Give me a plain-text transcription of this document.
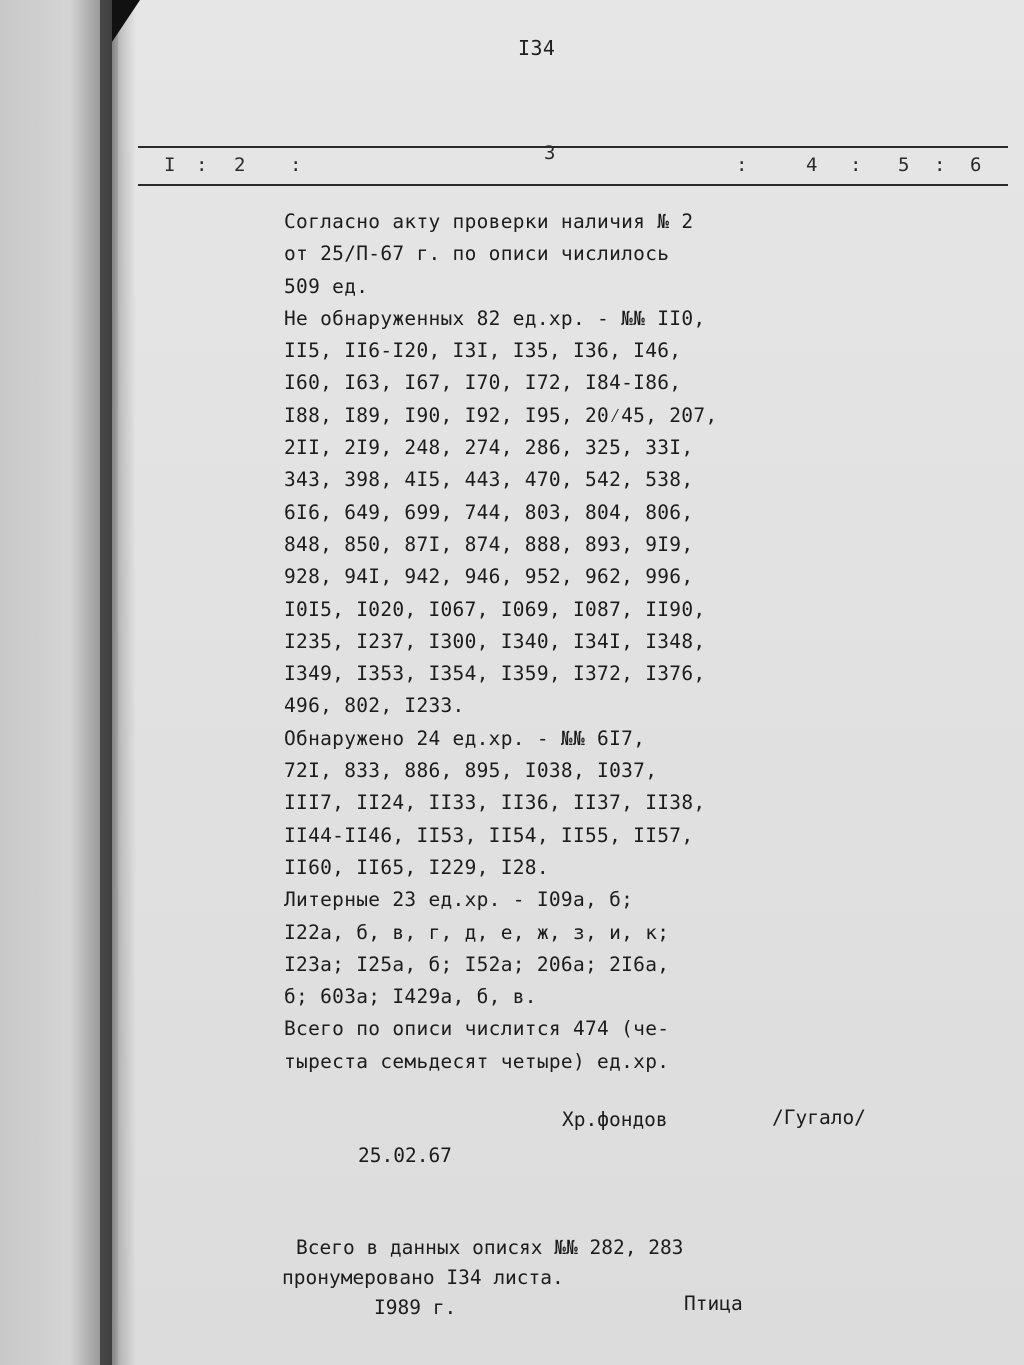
I34
I : 2 :
3
:	4 : 5 : 6
Согласно акту проверки наличия № 2
от 25/П-67 г. по описи числилось
509 ед.
Не обнаруженных 82 ед.хр. - №№ II0,
II5, II6-I20, I3I, I35, I36, I46,
I60, I63, I67, I70, I72, I84-I86,
I88, I89, I90, I92, I95, 20⁄45, 207,
2II, 2I9, 248, 274, 286, 325, 33I,
343, 398, 4I5, 443, 470, 542, 538,
6I6, 649, 699, 744, 803, 804, 806,
848, 850, 87I, 874, 888, 893, 9I9,
928, 94I, 942, 946, 952, 962, 996,
I0I5, I020, I067, I069, I087, II90,
I235, I237, I300, I340, I34I, I348,
I349, I353, I354, I359, I372, I376,
496, 802, I233.
Обнаружено 24 ед.хр. - №№ 6I7,
72I, 833, 886, 895, I038, I037,
III7, II24, II33, II36, II37, II38,
II44-II46, II53, II54, II55, II57,
II60, II65, I229, I28.
Литерные 23 ед.хр. - I09а, б;
I22а, б, в, г, д, е, ж, з, и, к;
I23а; I25а, б; I52а; 206а; 2I6а,
б; 603а; I429а, б, в.
Всего по описи числится 474 (че-
тыреста семьдесят четыре) ед.хр.
Хр.фондов	/Гугало/
25.02.67
Всего в данных описях №№ 282, 283
пронумеровано I34 листа.
I989 г.	Птица
